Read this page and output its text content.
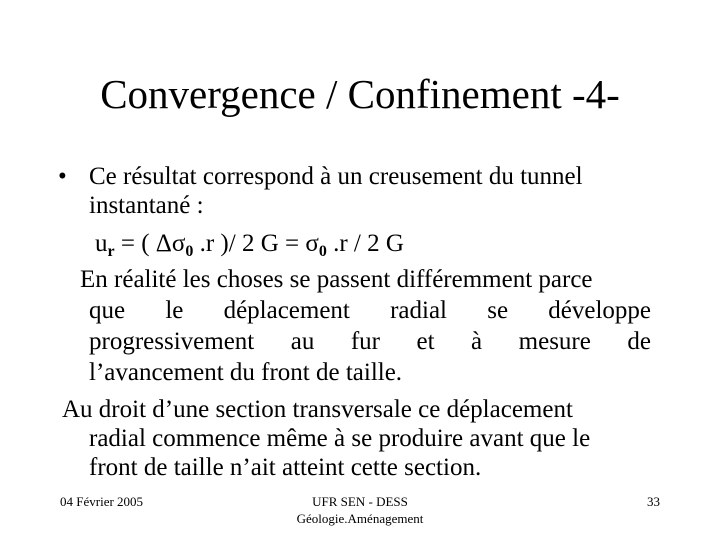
Convergence / Confinement -4-
• Ce résultat correspond à un creusement du tunnel
instantané :
$u_r$ = ( $\Delta\sigma_0$ .r )/ 2 $G = \sigma_0$ .r / 2 G
En réalité les choses se passent différemment parce
que le déplacement radial se développe
progressivement au fur et à mesure de
l’avancement du front de taille.
Au droit d’une section transversale ce déplacement
radial commence même à se produire avant que le
front de taille n’ait atteint cette section.
04 Février 2005	UFR SEN - DESS
Géologie.Aménagement
33
